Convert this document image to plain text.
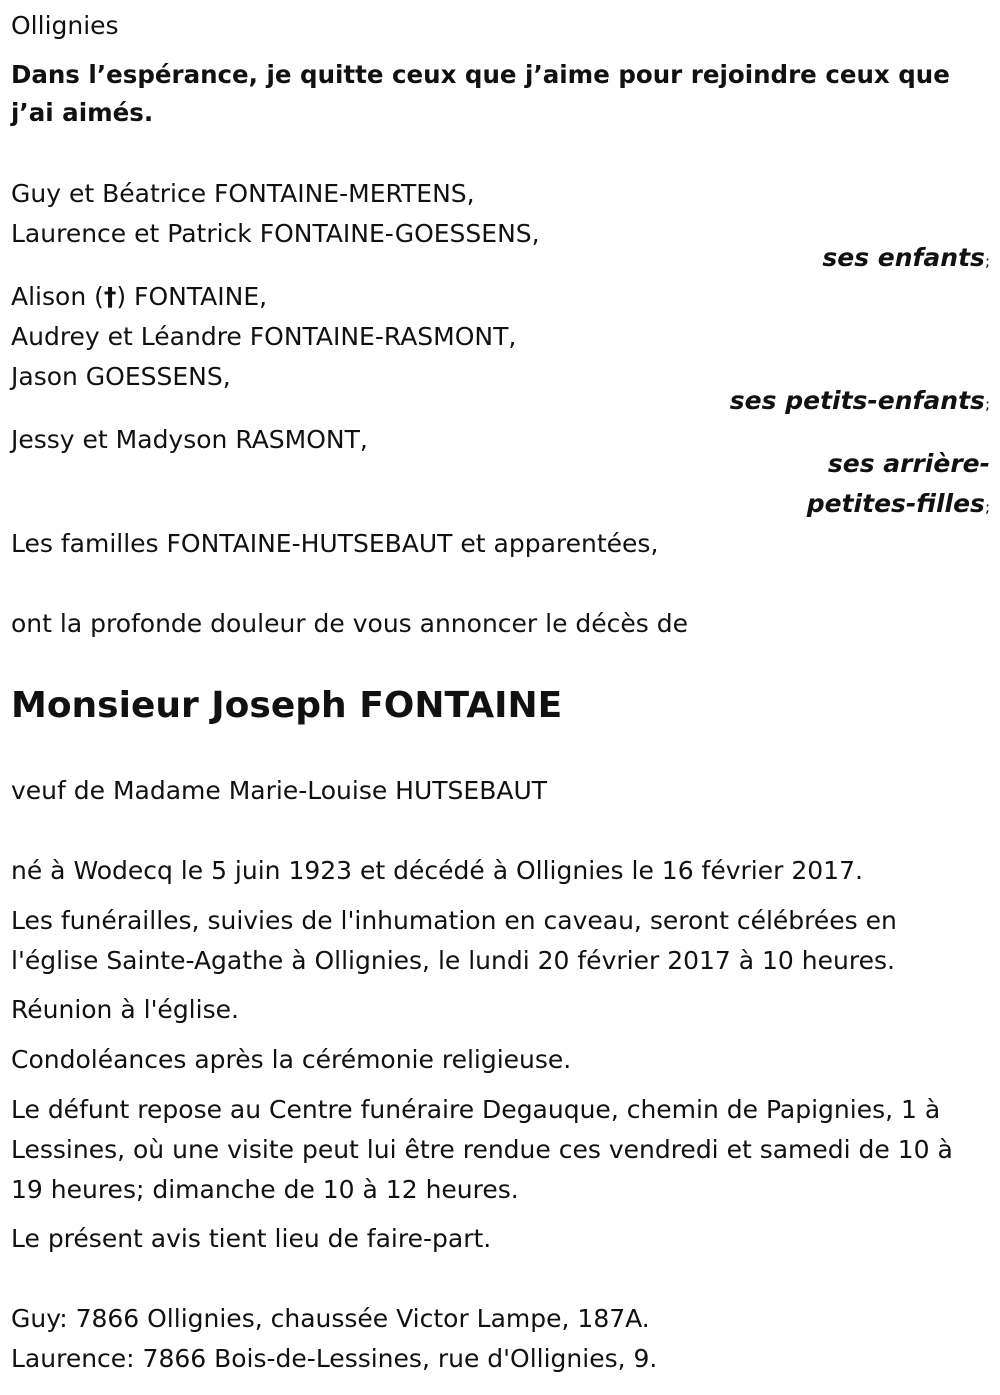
Ollignies
Dans l’espérance, je quitte ceux que j’aime pour rejoindre ceux que j’ai aimés.
Guy et Béatrice FONTAINE-MERTENS,
Laurence et Patrick FONTAINE-GOESSENS,
ses enfants;
Alison (†) FONTAINE,
Audrey et Léandre FONTAINE-RASMONT,
Jason GOESSENS,
ses petits-enfants;
Jessy et Madyson RASMONT,
ses arrière-
petites-filles;
Les familles FONTAINE-HUTSEBAUT et apparentées,
ont la profonde douleur de vous annoncer le décès de
Monsieur Joseph FONTAINE
veuf de Madame Marie-Louise HUTSEBAUT
né à Wodecq le 5 juin 1923 et décédé à Ollignies le 16 février 2017.
Les funérailles, suivies de l'inhumation en caveau, seront célébrées en l'église Sainte-Agathe à Ollignies, le lundi 20 février 2017 à 10 heures.
Réunion à l'église.
Condoléances après la cérémonie religieuse.
Le défunt repose au Centre funéraire Degauque, chemin de Papignies, 1 à Lessines, où une visite peut lui être rendue ces vendredi et samedi de 10 à 19 heures; dimanche de 10 à 12 heures.
Le présent avis tient lieu de faire-part.
Guy: 7866 Ollignies, chaussée Victor Lampe, 187A.
Laurence: 7866 Bois-de-Lessines, rue d'Ollignies, 9.
